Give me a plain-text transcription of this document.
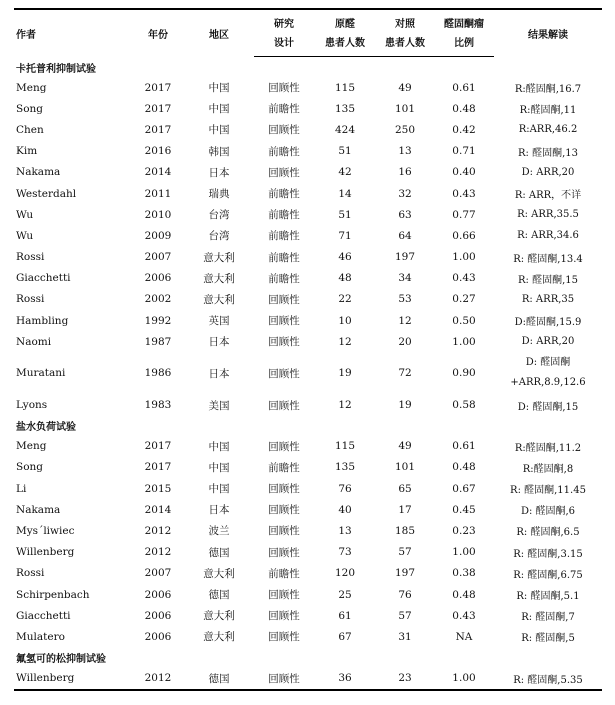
作者	年份	地区	研究	原醛	对照	醛固酮瘤	结果解读
			设计	患者人数	患者人数	比例	
卡托普利抑制试验							
Meng	2017	中国	回顾性	115	49	0.61	R:醛固酮,16.7
Song	2017	中国	前瞻性	135	101	0.48	R:醛固酮,11
Chen	2017	中国	回顾性	424	250	0.42	R:ARR,46.2
Kim	2016	韩国	前瞻性	51	13	0.71	R: 醛固酮,13
Nakama	2014	日本	回顾性	42	16	0.40	D: ARR,20
Westerdahl	2011	瑞典	前瞻性	14	32	0.43	R: ARR，不详
Wu	2010	台湾	前瞻性	51	63	0.77	R: ARR,35.5
Wu	2009	台湾	前瞻性	71	64	0.66	R: ARR,34.6
Rossi	2007	意大利	前瞻性	46	197	1.00	R: 醛固酮,13.4
Giacchetti	2006	意大利	前瞻性	48	34	0.43	R: 醛固酮,15
Rossi	2002	意大利	回顾性	22	53	0.27	R: ARR,35
Hambling	1992	英国	回顾性	10	12	0.50	D:醛固酮,15.9
Naomi	1987	日本	回顾性	12	20	1.00	D: ARR,20
Muratani	1986	日本	回顾性	19	72	0.90	D: 醛固酮 +ARR,8.9,12.6
Lyons	1983	美国	回顾性	12	19	0.58	D: 醛固酮,15
盐水负荷试验							
Meng	2017	中国	回顾性	115	49	0.61	R:醛固酮,11.2
Song	2017	中国	前瞻性	135	101	0.48	R:醛固酮,8
Li	2015	中国	回顾性	76	65	0.67	R: 醛固酮,11.45
Nakama	2014	日本	回顾性	40	17	0.45	D: 醛固酮,6
Mys´liwiec	2012	波兰	回顾性	13	185	0.23	R: 醛固酮,6.5
Willenberg	2012	德国	回顾性	73	57	1.00	R: 醛固酮,3.15
Rossi	2007	意大利	前瞻性	120	197	0.38	R: 醛固酮,6.75
Schirpenbach	2006	德国	回顾性	25	76	0.48	R: 醛固酮,5.1
Giacchetti	2006	意大利	回顾性	61	57	0.43	R: 醛固酮,7
Mulatero	2006	意大利	回顾性	67	31	NA	R: 醛固酮,5
氟氢可的松抑制试验							
Willenberg	2012	德国	回顾性	36	23	1.00	R: 醛固酮,5.35
